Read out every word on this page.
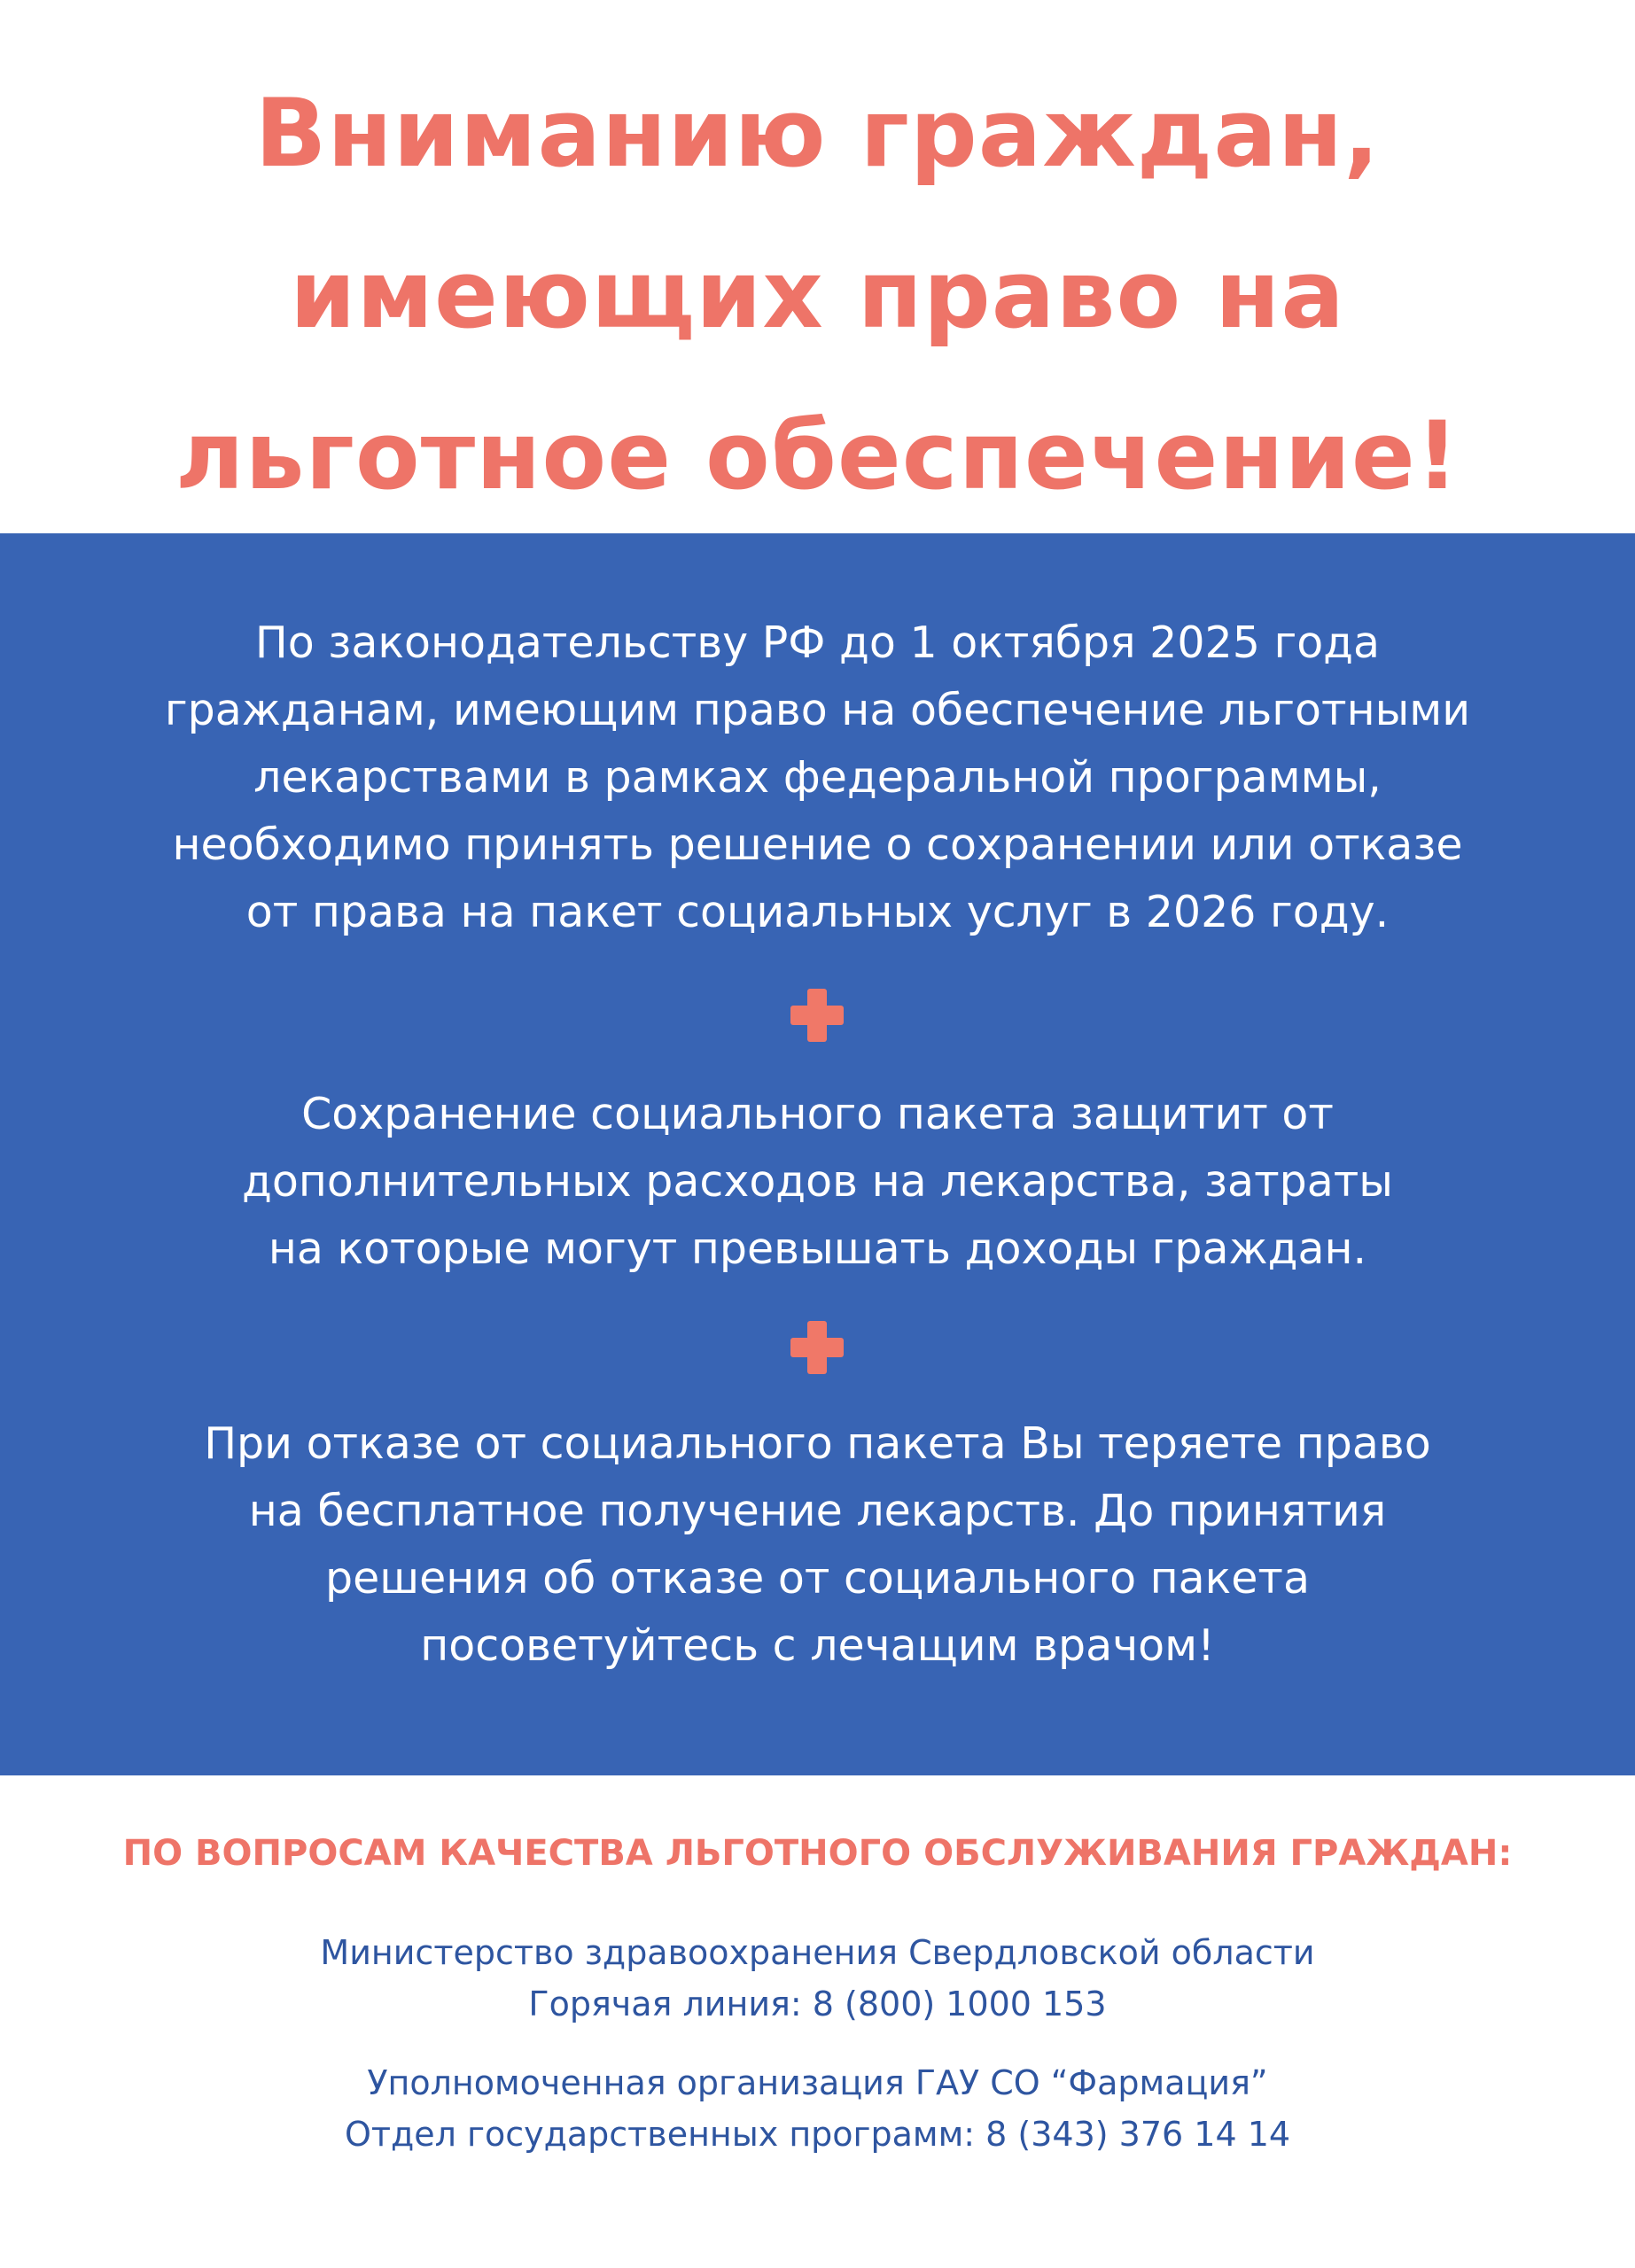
Вниманию граждан,
имеющих право на
льготное обеспечение!
По законодательству РФ до 1 октября 2025 года
гражданам, имеющим право на обеспечение льготными
лекарствами в рамках федеральной программы,
необходимо принять решение о сохранении или отказе
от права на пакет социальных услуг в 2026 году.
Сохранение социального пакета защитит от
дополнительных расходов на лекарства, затраты
на которые могут превышать доходы граждан.
При отказе от социального пакета Вы теряете право
на бесплатное получение лекарств. До принятия
решения об отказе от социального пакета
посоветуйтесь с лечащим врачом!
ПО ВОПРОСАМ КАЧЕСТВА ЛЬГОТНОГО ОБСЛУЖИВАНИЯ ГРАЖДАН:
Министерство здравоохранения Свердловской области
Горячая линия: 8 (800) 1000 153
Уполномоченная организация ГАУ СО “Фармация”
Отдел государственных программ: 8 (343) 376 14 14
